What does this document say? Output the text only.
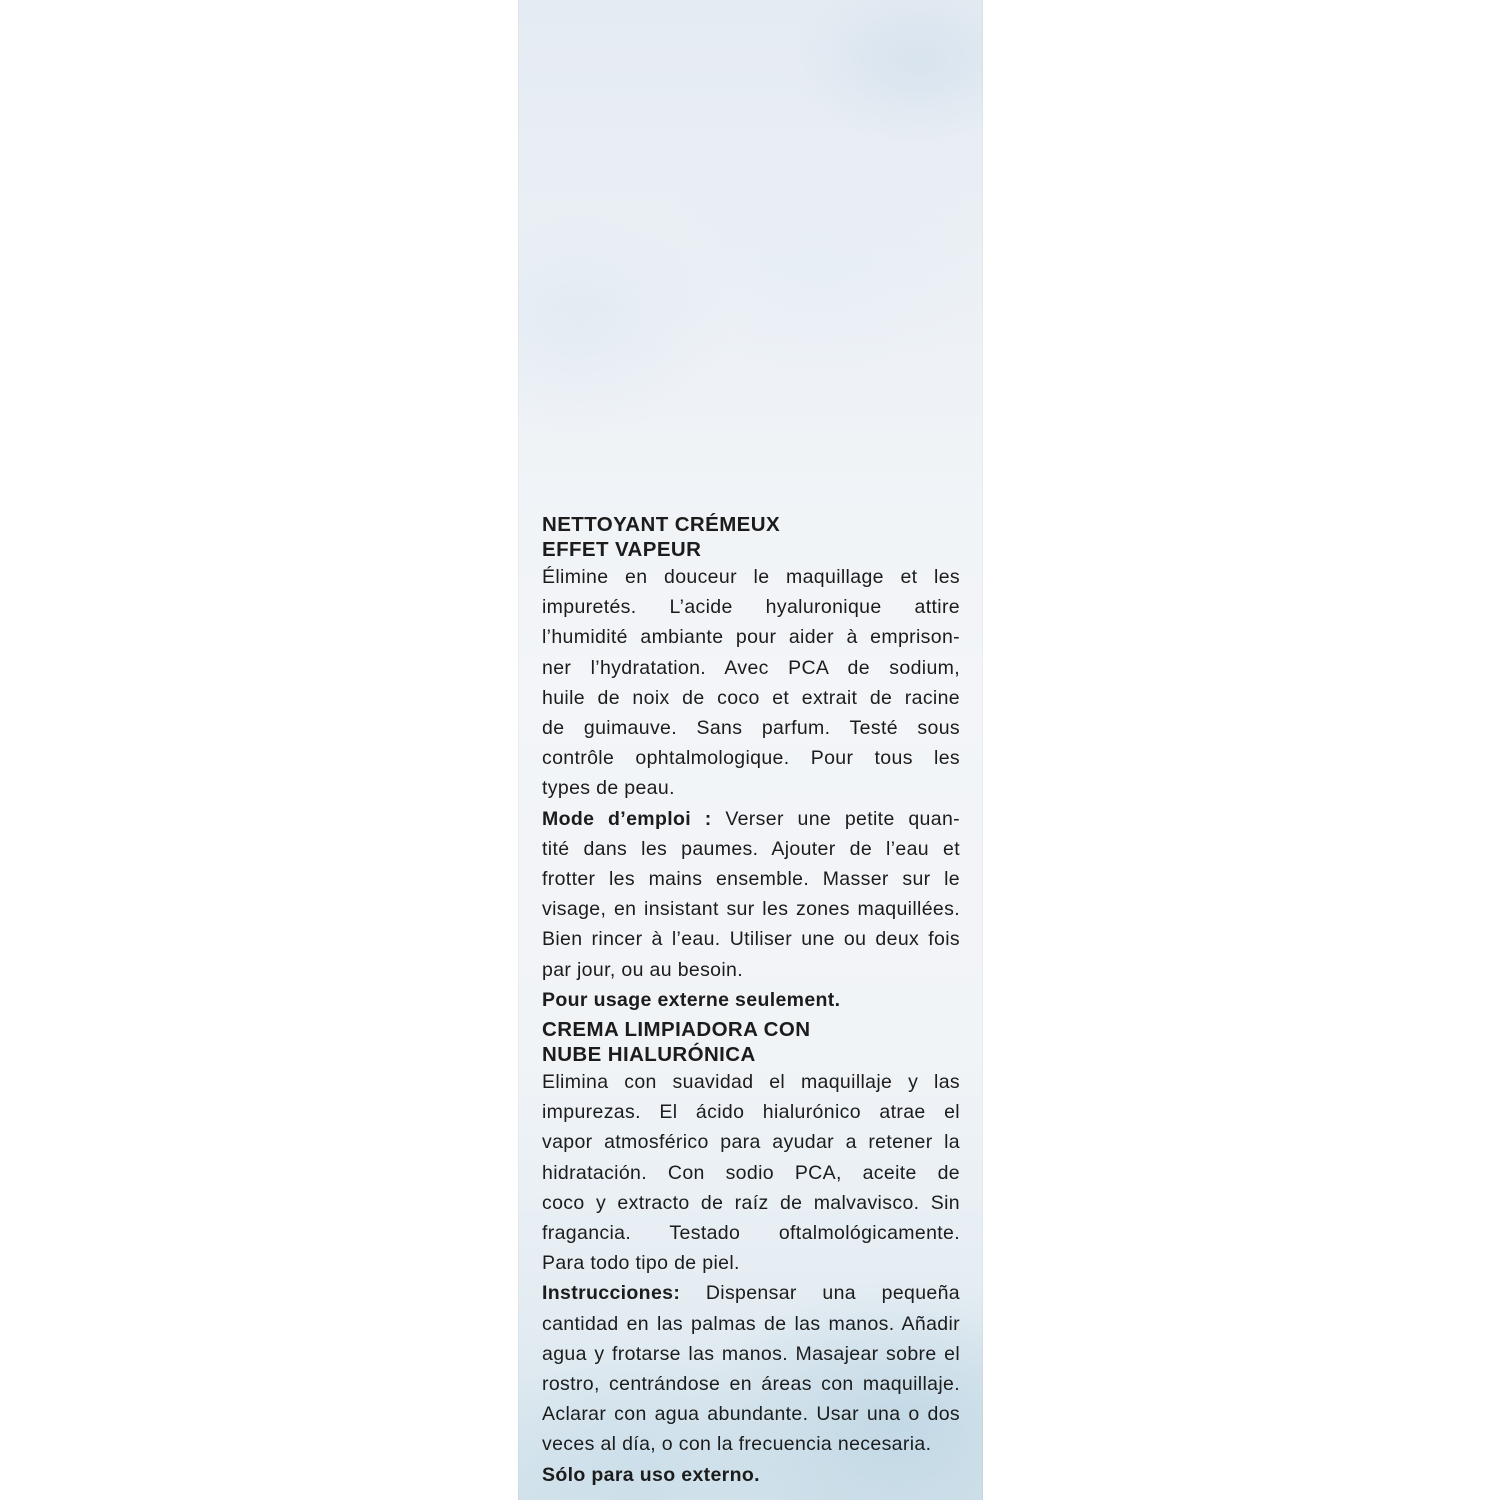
NETTOYANT CRÉMEUX
EFFET VAPEUR
Élimine en douceur le maquillage et les
impuretés. L’acide hyaluronique attire
l’humidité ambiante pour aider à emprison-
ner l’hydratation. Avec PCA de sodium,
huile de noix de coco et extrait de racine
de guimauve. Sans parfum. Testé sous
contrôle ophtalmologique. Pour tous les
types de peau.
Mode d’emploi : Verser une petite quan-
tité dans les paumes. Ajouter de l’eau et
frotter les mains ensemble. Masser sur le
visage, en insistant sur les zones maquillées.
Bien rincer à l’eau. Utiliser une ou deux fois
par jour, ou au besoin.
Pour usage externe seulement.
CREMA LIMPIADORA CON
NUBE HIALURÓNICA
Elimina con suavidad el maquillaje y las
impurezas. El ácido hialurónico atrae el
vapor atmosférico para ayudar a retener la
hidratación. Con sodio PCA, aceite de
coco y extracto de raíz de malvavisco. Sin
fragancia. Testado oftalmológicamente.
Para todo tipo de piel.
Instrucciones: Dispensar una pequeña
cantidad en las palmas de las manos. Añadir
agua y frotarse las manos. Masajear sobre el
rostro, centrándose en áreas con maquillaje.
Aclarar con agua abundante. Usar una o dos
veces al día, o con la frecuencia necesaria.
Sólo para uso externo.
